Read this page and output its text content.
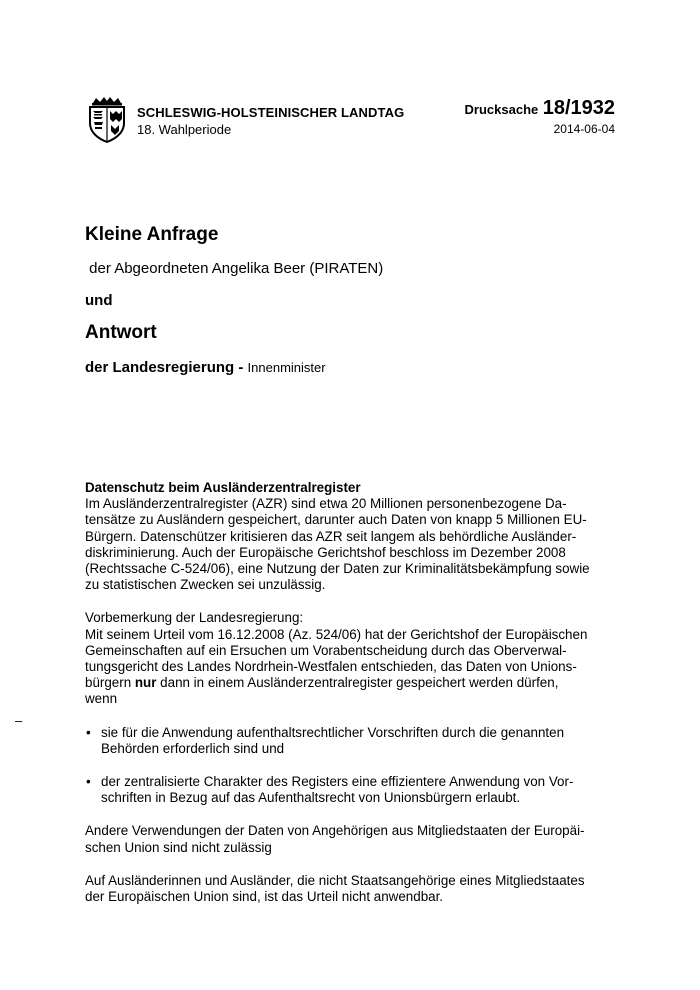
SCHLESWIG-HOLSTEINISCHER LANDTAG
18. Wahlperiode
Drucksache 18/1932
2014-06-04
Kleine Anfrage
der Abgeordneten Angelika Beer (PIRATEN)
und
Antwort
der Landesregierung - Innenminister

Datenschutz beim Ausländerzentralregister

Im Ausländerzentralregister (AZR) sind etwa 20 Millionen personenbezogene Da-
tensätze zu Ausländern gespeichert, darunter auch Daten von knapp 5 Millionen EU-
Bürgern. Datenschützer kritisieren das AZR seit langem als behördliche Ausländer-
diskriminierung. Auch der Europäische Gerichtshof beschloss im Dezember 2008
(Rechtssache C-524/06), eine Nutzung der Daten zur Kriminalitätsbekämpfung sowie
zu statistischen Zwecken sei unzulässig.

Vorbemerkung der Landesregierung:
Mit seinem Urteil vom 16.12.2008 (Az. 524/06) hat der Gerichtshof der Europäischen
Gemeinschaften auf ein Ersuchen um Vorabentscheidung durch das Oberverwal-
tungsgericht des Landes Nordrhein-Westfalen entschieden, das Daten von Unions-
bürgern nur dann in einem Ausländerzentralregister gespeichert werden dürfen,
wenn

• sie für die Anwendung aufenthaltsrechtlicher Vorschriften durch die genannten
Behörden erforderlich sind und
• der zentralisierte Charakter des Registers eine effizientere Anwendung von Vor-
schriften in Bezug auf das Aufenthaltsrecht von Unionsbürgern erlaubt.

Andere Verwendungen der Daten von Angehörigen aus Mitgliedstaaten der Europäi-
schen Union sind nicht zulässig

Auf Ausländerinnen und Ausländer, die nicht Staatsangehörige eines Mitgliedstaates
der Europäischen Union sind, ist das Urteil nicht anwendbar.

–
